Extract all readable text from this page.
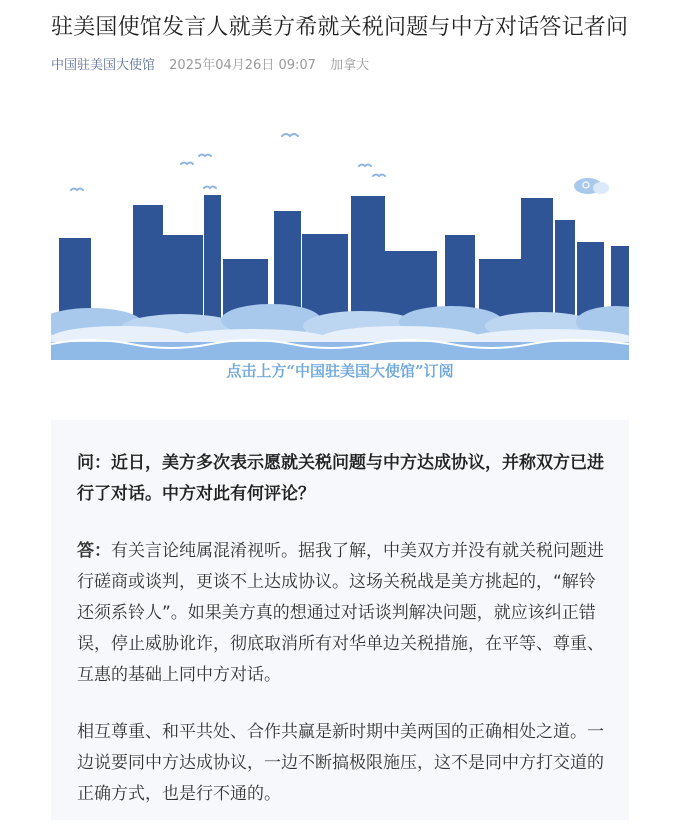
驻美国使馆发言人就美方希就关税问题与中方对话答记者问
中国驻美国大使馆 2025年04月26日 09:07 加拿大
点击上方“中国驻美国大使馆”订阅

问：近日，美方多次表示愿就关税问题与中方达成协议，并称双方已进行了对话。中方对此有何评论？

答：有关言论纯属混淆视听。据我了解，中美双方并没有就关税问题进行磋商或谈判，更谈不上达成协议。这场关税战是美方挑起的，“解铃还须系铃人”。如果美方真的想通过对话谈判解决问题，就应该纠正错误，停止威胁讹诈，彻底取消所有对华单边关税措施，在平等、尊重、互惠的基础上同中方对话。

相互尊重、和平共处、合作共赢是新时期中美两国的正确相处之道。一边说要同中方达成协议，一边不断搞极限施压，这不是同中方打交道的正确方式，也是行不通的。
